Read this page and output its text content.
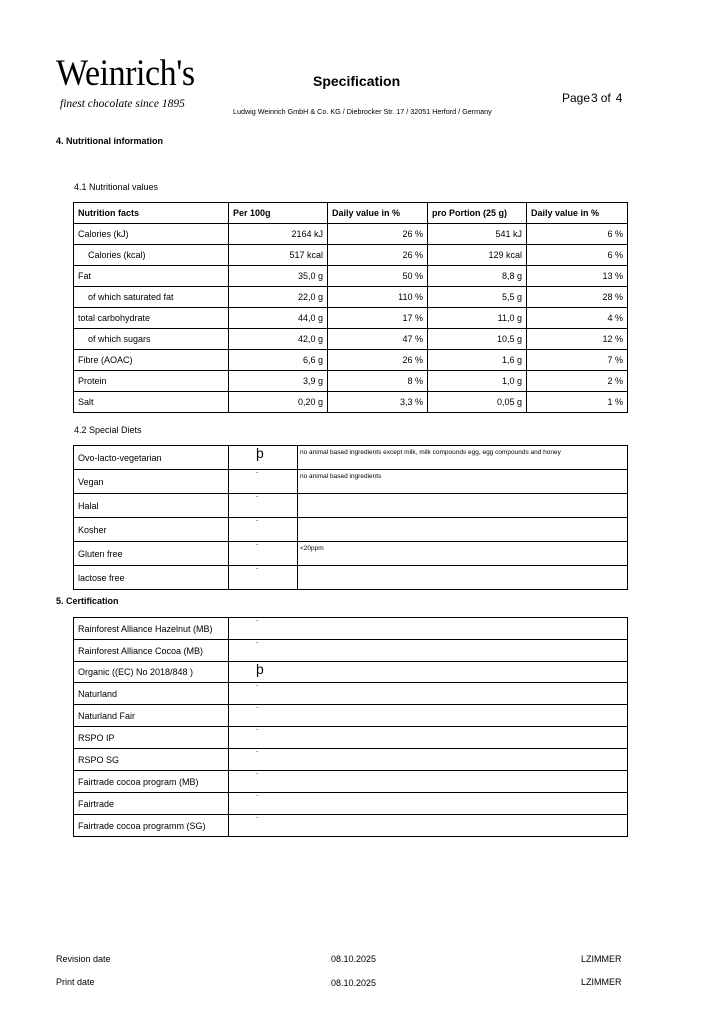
Weinrich's
finest chocolate since 1895
Specification
Page3 of 4
Ludwig Weinrich GmbH & Co. KG / Diebrocker Str. 17 / 32051 Herford / Germany
4. Nutritional information
4.1 Nutritional values
Nutrition facts	Per 100g	Daily value in %	pro Portion (25 g)	Daily value in %
Calories (kJ)	2164 kJ	26 %	541 kJ	6 %
Calories (kcal)	517 kcal	26 %	129 kcal	6 %
Fat	35,0 g	50 %	8,8 g	13 %
of which saturated fat	22,0 g	110 %	5,5 g	28 %
total carbohydrate	44,0 g	17 %	11,0 g	4 %
of which sugars	42,0 g	47 %	10,5 g	12 %
Fibre (AOAC)	6,6 g	26 %	1,6 g	7 %
Protein	3,9 g	8 %	1,0 g	2 %
Salt	0,20 g	3,3 %	0,05 g	1 %
4.2 Special Diets
Ovo-lacto-vegetarian	þ	no animal based ingredients except milk, milk compounds egg, egg compounds and honey
Vegan	¨	no animal based ingredients
Halal	¨	
Kosher	¨	
Gluten free	¨	<20ppm
lactose free	¨	
5. Certification
Rainforest Alliance Hazelnut (MB)	¨
Rainforest Alliance Cocoa (MB)	¨
Organic ((EC) No 2018/848 )	þ
Naturland	¨
Naturland Fair	¨
RSPO IP	¨
RSPO SG	¨
Fairtrade cocoa program (MB)	¨
Fairtrade	¨
Fairtrade cocoa programm (SG)	¨
Revision date	08.10.2025	LZIMMER
Print date	08.10.2025	LZIMMER
